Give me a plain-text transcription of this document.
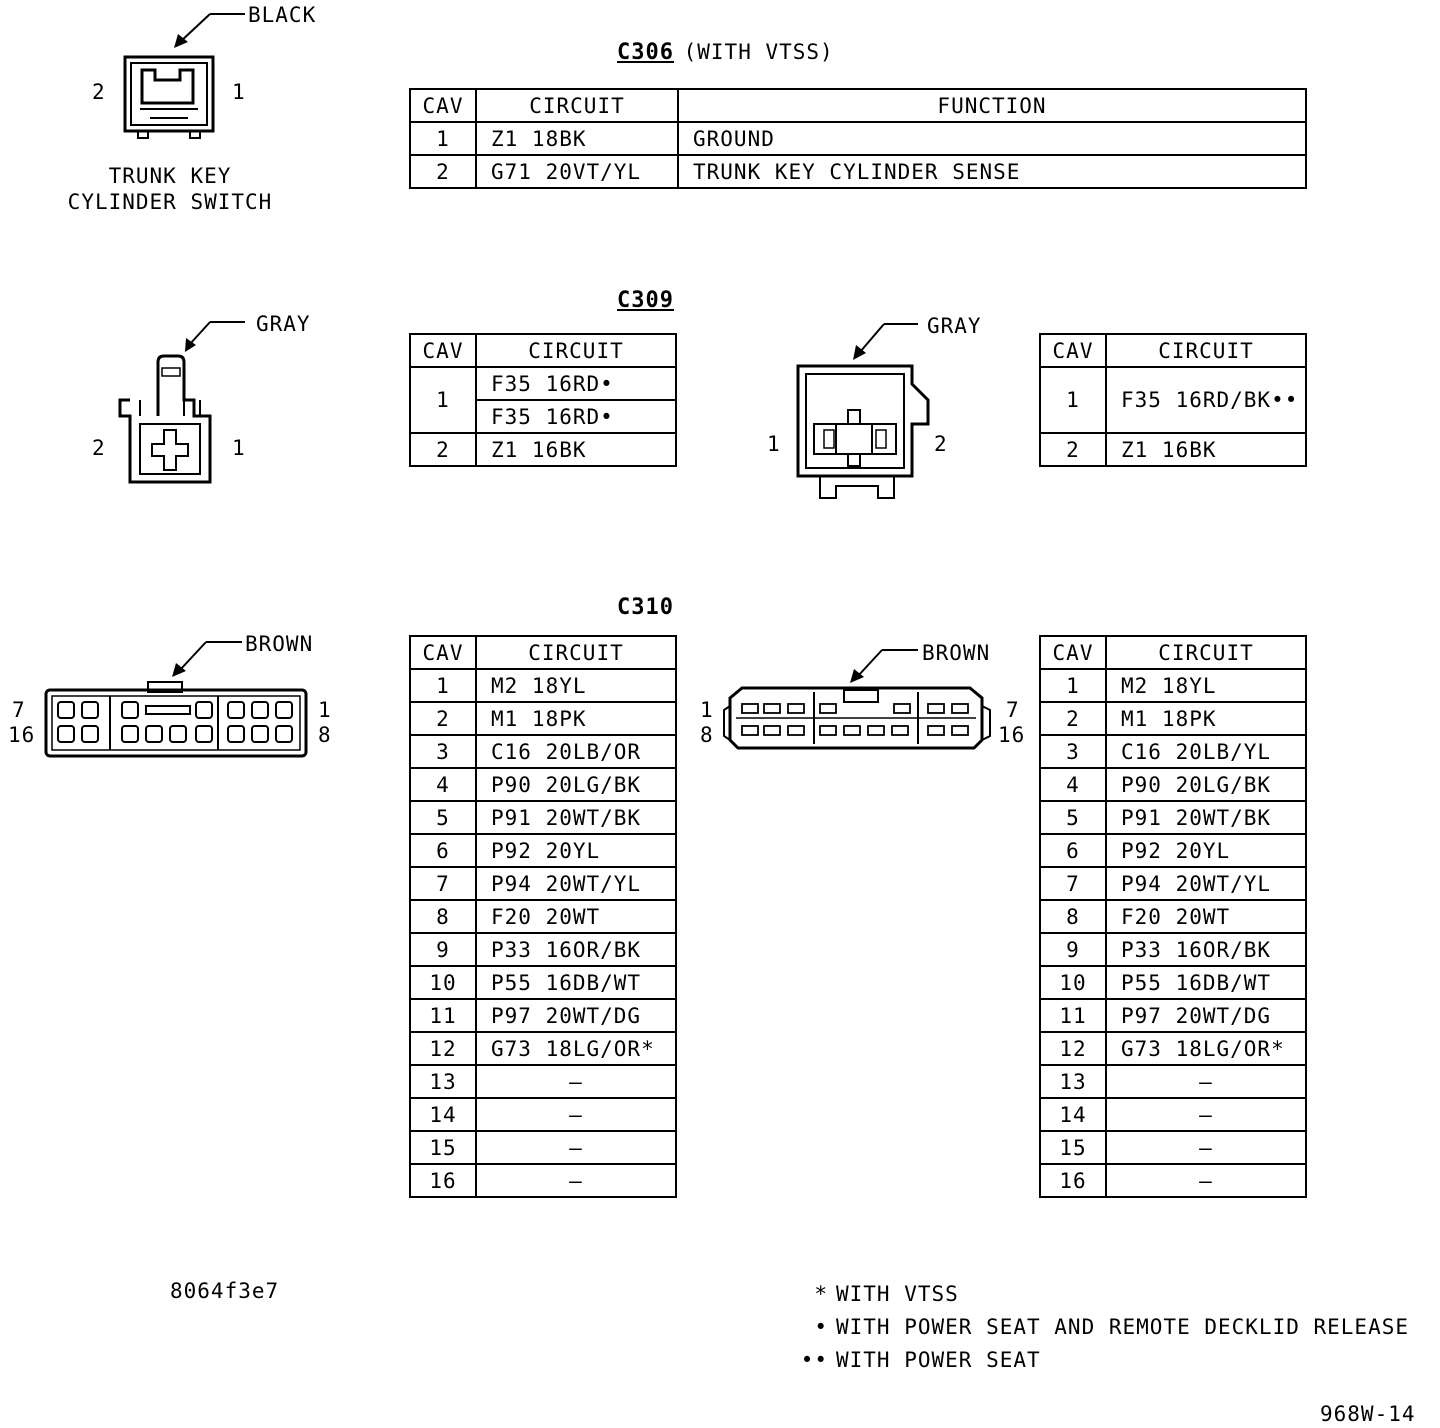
BLACK
2	1
TRUNK KEY
CYLINDER SWITCH
C306 (WITH VTSS)
CAV	CIRCUIT	FUNCTION
1	Z1 18BK	GROUND
2	G71 20VT/YL	TRUNK KEY CYLINDER SENSE
C309
GRAY
2	1
CAV	CIRCUIT
1	F35 16RD•
	F35 16RD•
2	Z1 16BK
GRAY
1	2
CAV	CIRCUIT
1	F35 16RD/BK••
2	Z1 16BK
C310
BROWN
7
16
1
8
CAV	CIRCUIT
1	M2 18YL
2	M1 18PK
3	C16 20LB/OR
4	P90 20LG/BK
5	P91 20WT/BK
6	P92 20YL
7	P94 20WT/YL
8	F20 20WT
9	P33 16OR/BK
10	P55 16DB/WT
11	P97 20WT/DG
12	G73 18LG/OR*
13	–
14	–
15	–
16	–
BROWN
1
8
7
16
CAV	CIRCUIT
1	M2 18YL
2	M1 18PK
3	C16 20LB/YL
4	P90 20LG/BK
5	P91 20WT/BK
6	P92 20YL
7	P94 20WT/YL
8	F20 20WT
9	P33 16OR/BK
10	P55 16DB/WT
11	P97 20WT/DG
12	G73 18LG/OR*
13	–
14	–
15	–
16	–
8064f3e7	* WITH VTSS
• WITH POWER SEAT AND REMOTE DECKLID RELEASE
•• WITH POWER SEAT
968W-14
